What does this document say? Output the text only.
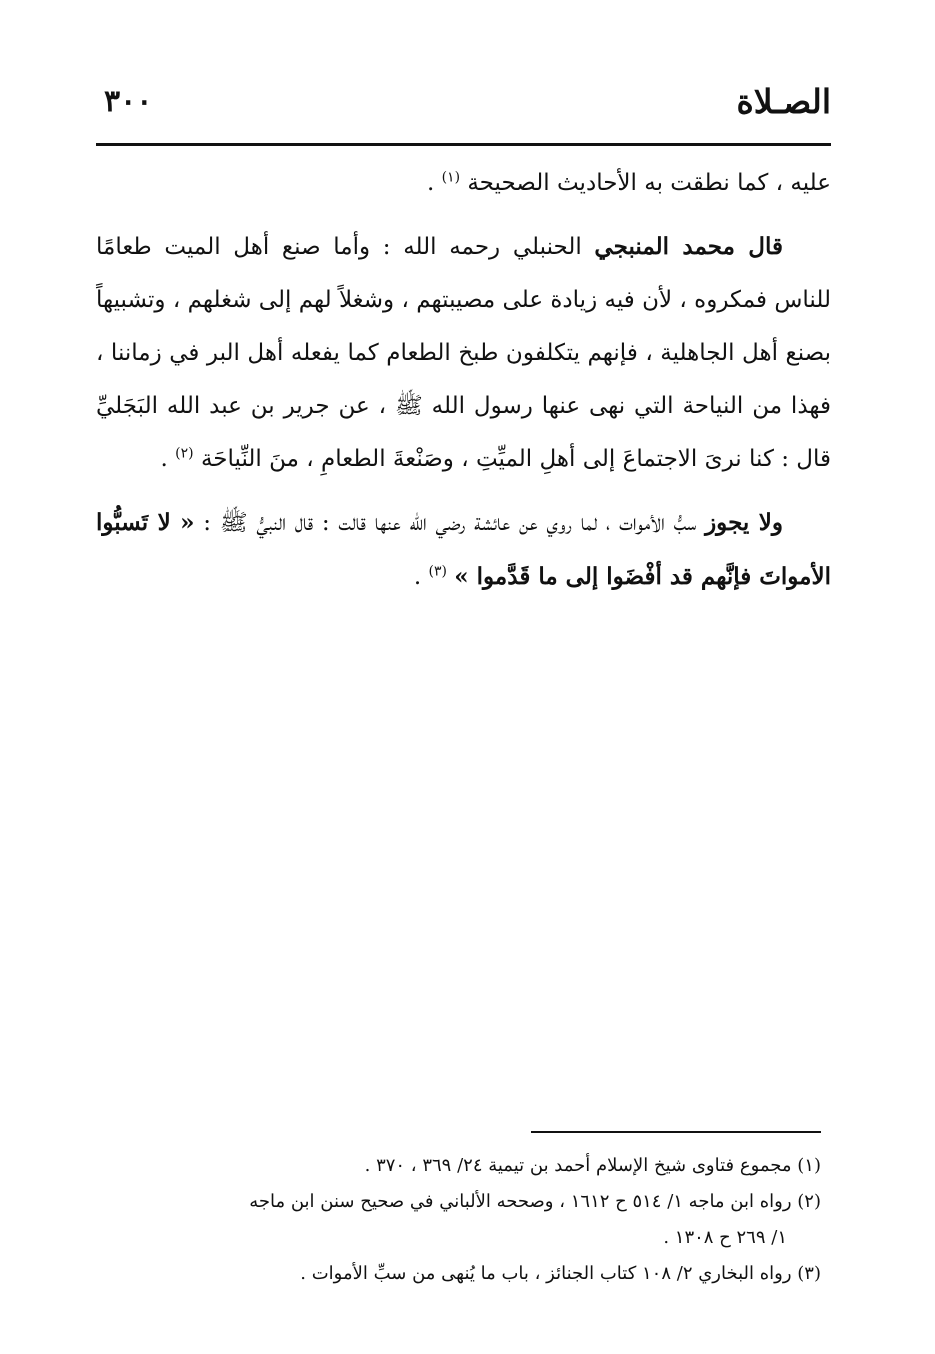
الصـلاة
٣٠٠

عليه ، كما نطقت به الأحاديث الصحيحة $^{(١)}$ .

قال محمد المنبجي الحنبلي رحمه الله : وأما صنع أهل الميت طعامًا للناس فمكروه ، لأن فيه زيادة على مصيبتهم ، وشغلاً لهم إلى شغلهم ، وتشبيهاً بصنع أهل الجاهلية ، فإنهم يتكلفون طبخ الطعام كما يفعله أهل البر في زماننا ، فهذا من النياحة التي نهى عنها رسول الله ﷺ ، عن جرير بن عبد الله البَجَليِّ قال : كنا نرىَ الاجتماعَ إلى أهلِ الميِّتِ ، وصَنْعةَ الطعامِ ، منَ النِّياحَة $^{(٢)}$ .

ولا يجوز سبُّ الأموات ، لما روي عن عائشة رضي الله عنها قالت : قال النبيُّ ﷺ : « لا تَسبُّوا الأمواتَ فإنَّهم قد أفْضَوا إلى ما قَدَّموا » $^{(٣)}$ .

(١) مجموع فتاوى شيخ الإسلام أحمد بن تيمية ٢٤/ ٣٦٩ ، ٣٧٠ .

(٢) رواه ابن ماجه ١/ ٥١٤ ح ١٦١٢ ، وصححه الألباني في صحيح سنن ابن ماجه

١/ ٢٦٩ ح ١٣٠٨ .

(٣) رواه البخاري ٢/ ١٠٨ كتاب الجنائز ، باب ما يُنهى من سبِّ الأموات .
